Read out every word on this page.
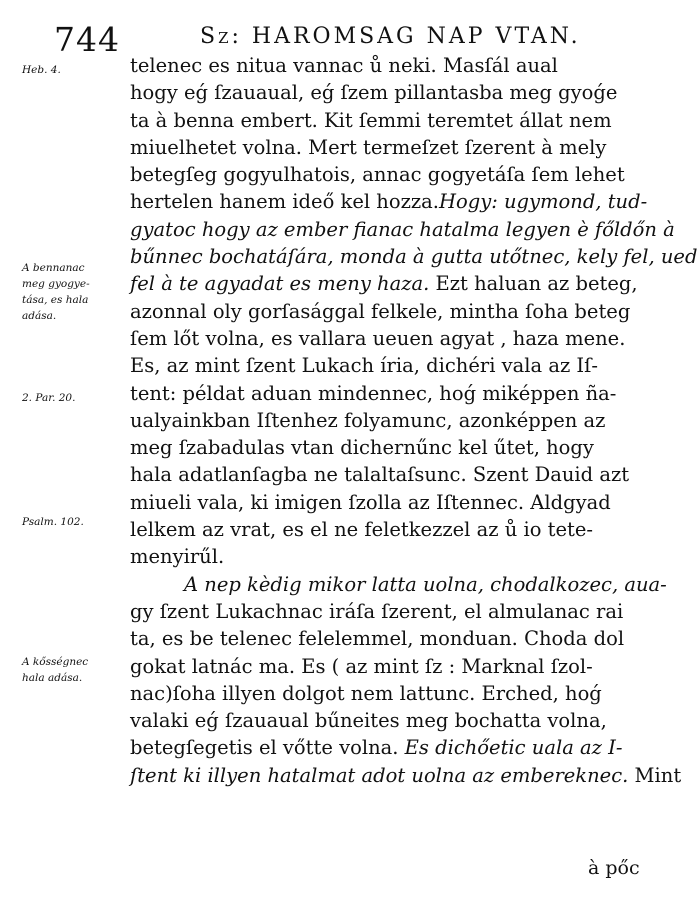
744	Sz: HAROMSAG NAP VTAN.
Heb. 4.
A bennanac
meg gyogye-
tása, es hala
adása.
2. Par. 20.
Psalm. 102.
A kősségnec
hala adása.
telenec es nitua vannac ů neki. Masſál aual
hogy eǵ ſzauaual, eǵ ſzem pillantasba meg gyoǵe
ta à benna embert. Kit ſemmi teremtet állat nem
miuelhetet volna. Mert termeſzet ſzerent à mely
betegſeg gogyulhatois, annac gogyetáſa ſem lehet
hertelen hanem ideő kel hozza.Hogy: ugymond, tud-
gyatoc hogy az ember fianac hatalma legyen è főldőn à
bűnnec bochatáſára, monda à gutta utőtnec, kely fel, ued
fel à te agyadat es meny haza. Ezt haluan az beteg,
azonnal oly gorſasággal felkele, mintha ſoha beteg
ſem lőt volna, es vallara ueuen agyat , haza mene.
Es, az mint ſzent Lukach íria, dichéri vala az Iſ-
tent: példat aduan mindennec, hoǵ miképpen ña-
ualyainkban Iſtenhez folyamunc, azonképpen az
meg ſzabadulas vtan dichernűnc kel űtet, hogy
hala adatlanſagba ne talaltaſsunc. Szent Dauid azt
miueli vala, ki imigen ſzolla az Iſtennec. Aldgyad
lelkem az vrat, es el ne feletkezzel az ů io tete-
menyirűl.
A nep kèdig mikor latta uolna, chodalkozec, aua-
gy ſzent Lukachnac iráſa ſzerent, el almulanac rai
ta, es be telenec felelemmel, monduan. Choda dol
gokat latnác ma. Es ( az mint ſz : Marknal ſzol-
nac)ſoha illyen dolgot nem lattunc. Erched, hoǵ
valaki eǵ ſzauaual bűneites meg bochatta volna,
betegſegetis el vőtte volna. Es dichőetic uala az I-
ſtent ki illyen hatalmat adot uolna az embereknec. Mint
à pőc
